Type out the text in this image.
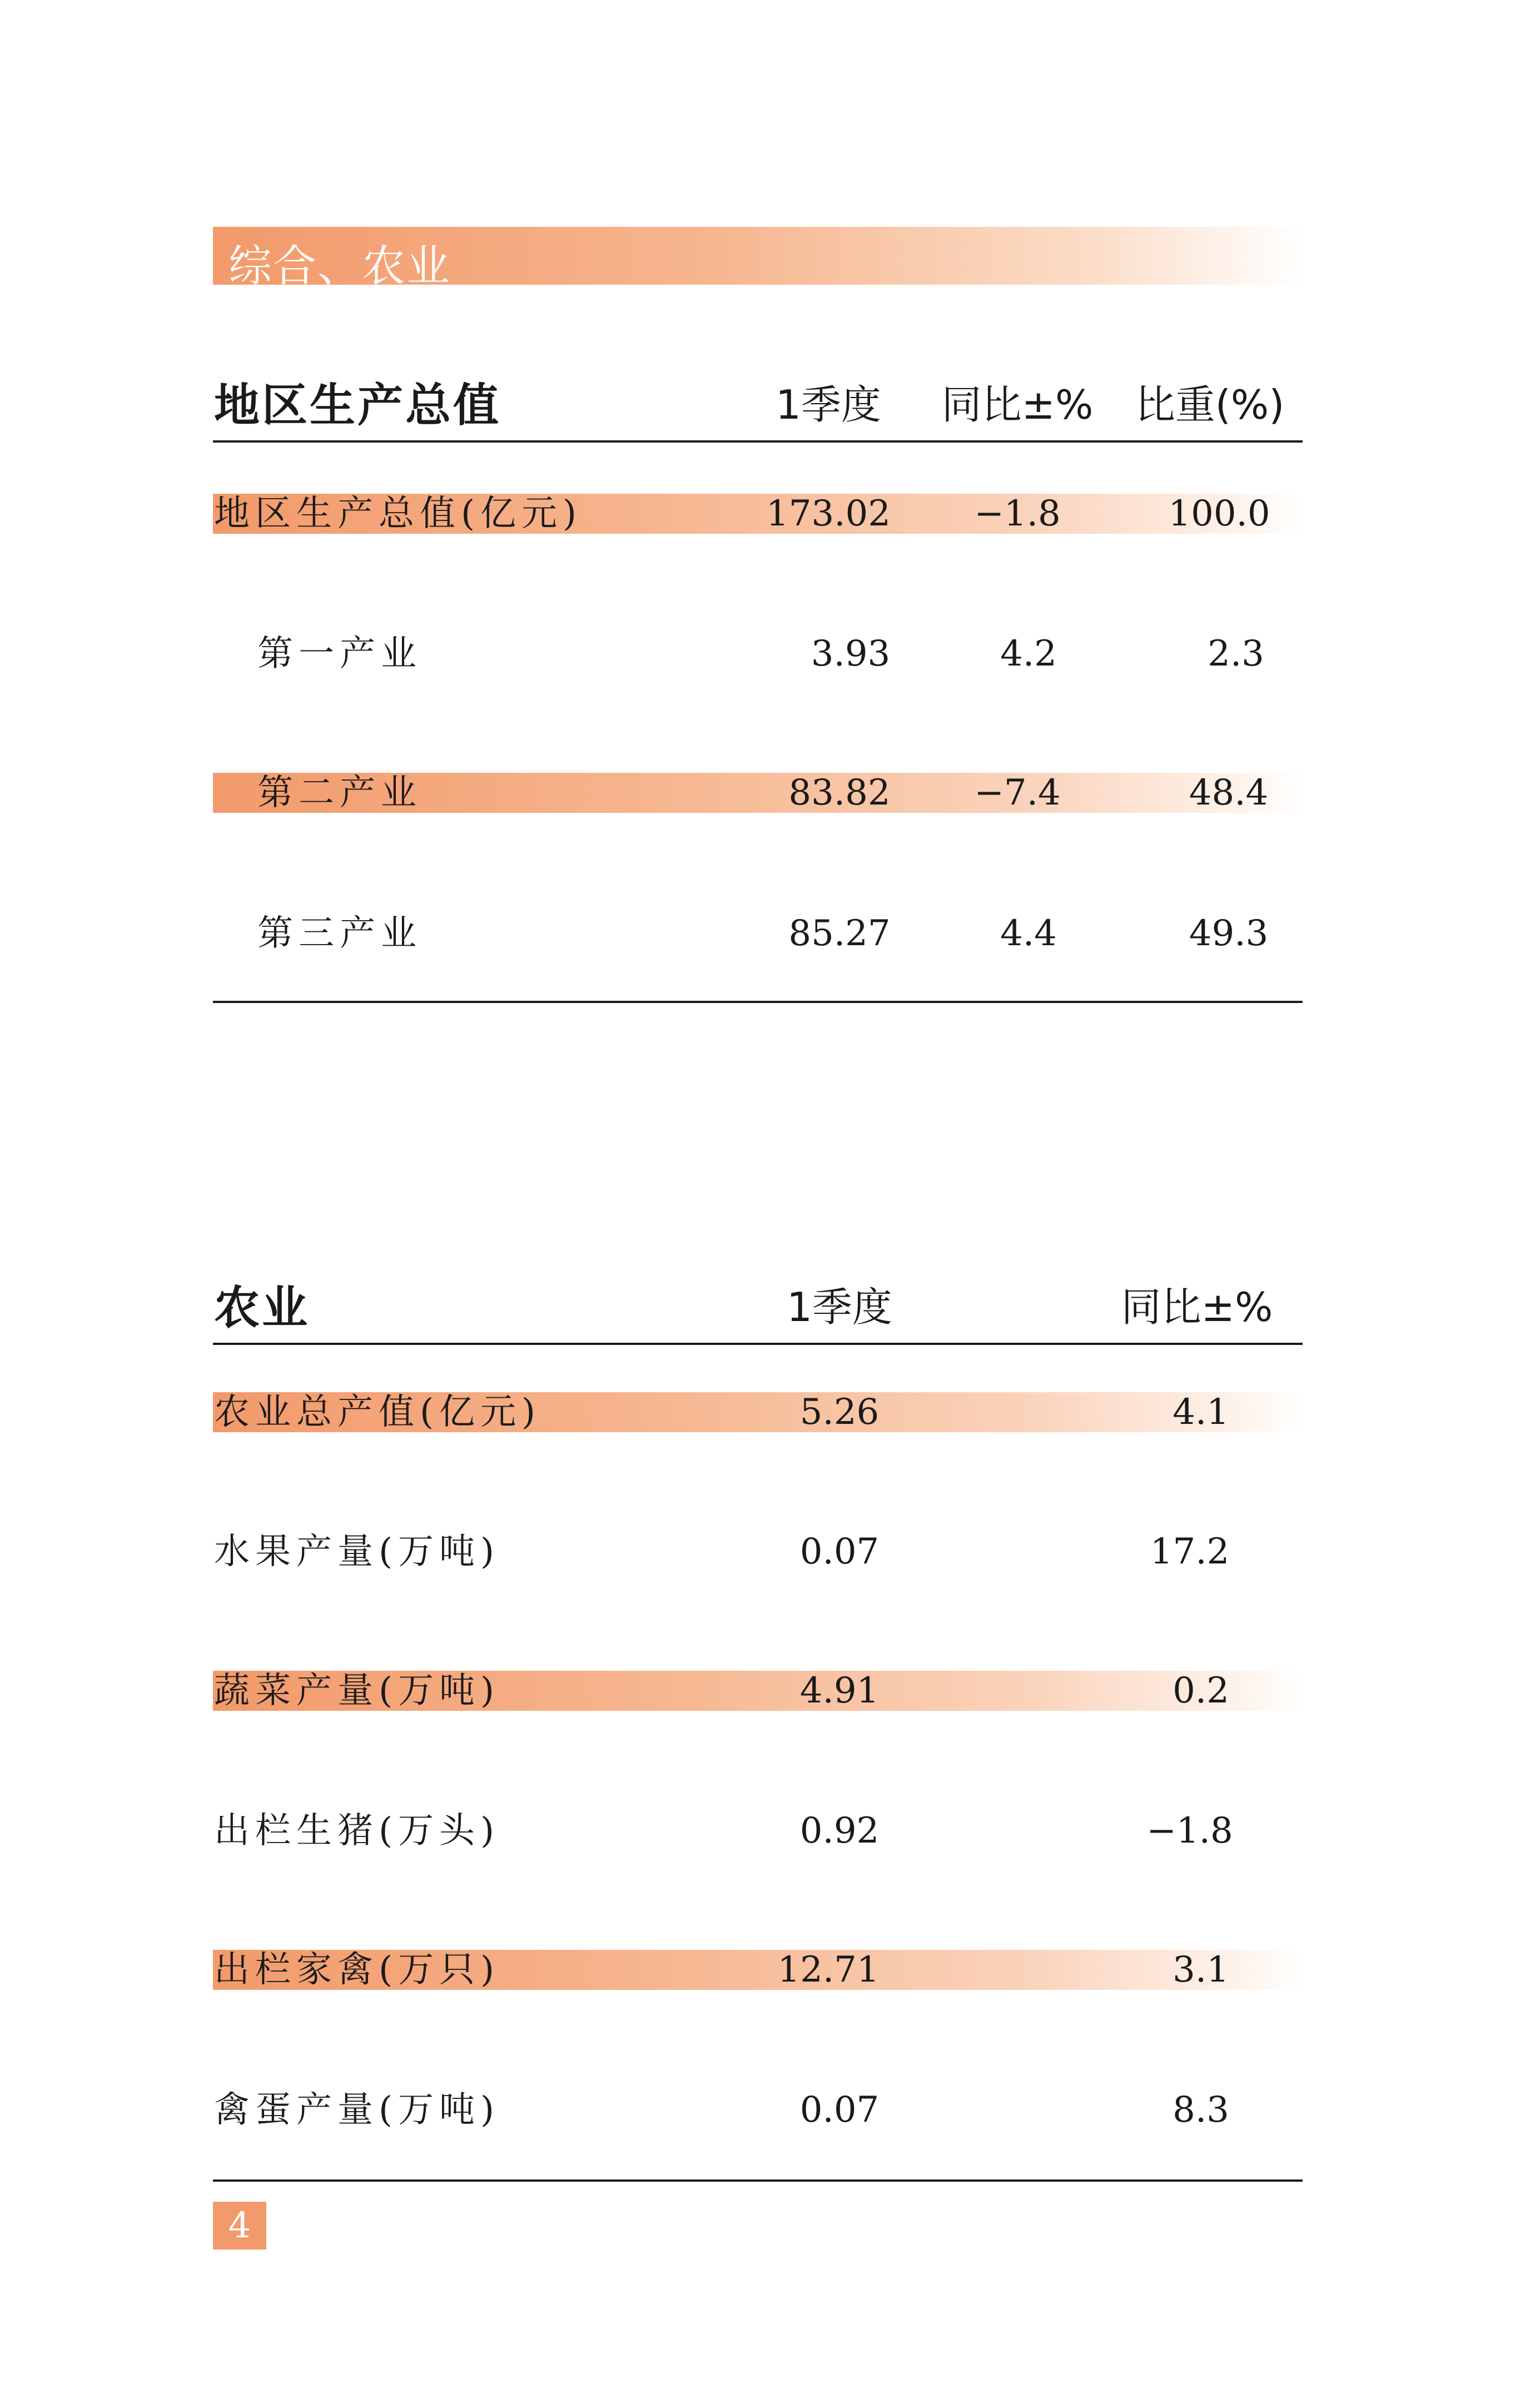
综合、农业
地区生产总值	1季度 同比±% 比重(%)
地区生产总值(亿元)	173.02 −1.8	100.0
第一产业	3.93	4.2	2.3
第二产业	83.82 −7.4	48.4
第三产业	85.27	4.4	49.3
农业	1季度	同比±%
农业总产值(亿元)	5.26	4.1
水果产量(万吨)	0.07	17.2
蔬菜产量(万吨)	4.91	0.2
出栏生猪(万头)	0.92	−1.8
出栏家禽(万只)	12.71	3.1
禽蛋产量(万吨)	0.07	8.3
4
